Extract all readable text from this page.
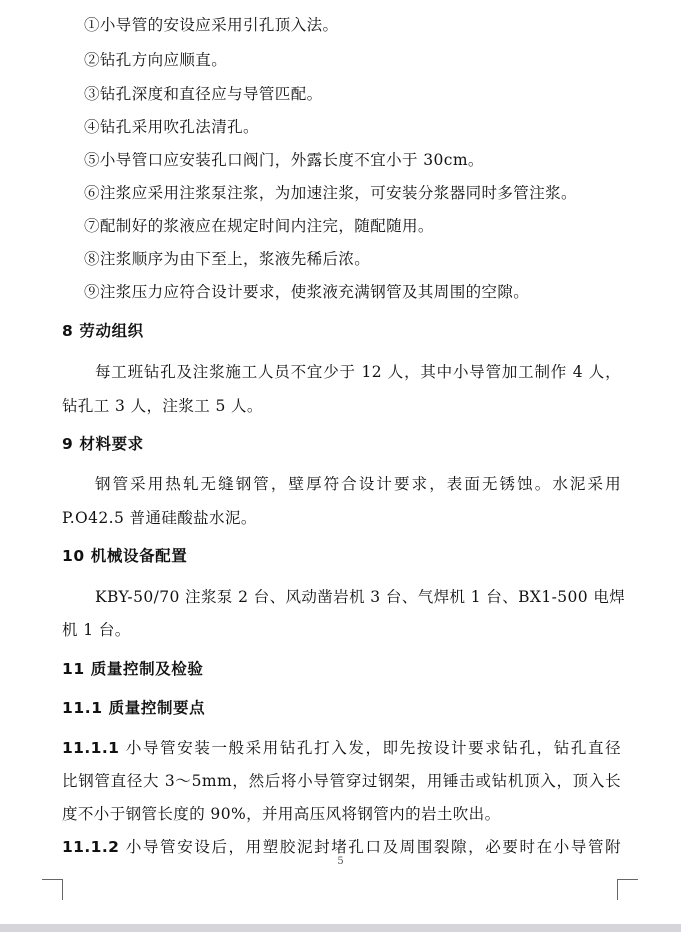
①小导管的安设应采用引孔顶入法。
②钻孔方向应顺直。
③钻孔深度和直径应与导管匹配。
④钻孔采用吹孔法清孔。
⑤小导管口应安装孔口阀门，外露长度不宜小于 30cm。
⑥注浆应采用注浆泵注浆，为加速注浆，可安装分浆器同时多管注浆。
⑦配制好的浆液应在规定时间内注完，随配随用。
⑧注浆顺序为由下至上，浆液先稀后浓。
⑨注浆压力应符合设计要求，使浆液充满钢管及其周围的空隙。
8 劳动组织
每工班钻孔及注浆施工人员不宜少于 12 人，其中小导管加工制作 4 人，
钻孔工 3 人，注浆工 5 人。
9 材料要求
钢管采用热轧无缝钢管，壁厚符合设计要求，表面无锈蚀。水泥采用
P.O42.5 普通硅酸盐水泥。
10 机械设备配置
KBY-50/70 注浆泵 2 台、风动凿岩机 3 台、气焊机 1 台、BX1-500 电焊
机 1 台。
11 质量控制及检验
11.1 质量控制要点
11.1.1 小导管安装一般采用钻孔打入发，即先按设计要求钻孔，钻孔直径
比钢管直径大 3～5mm，然后将小导管穿过钢架，用锤击或钻机顶入，顶入长
度不小于钢管长度的 90%，并用高压风将钢管内的岩土吹出。
11.1.2 小导管安设后，用塑胶泥封堵孔口及周围裂隙，必要时在小导管附
5
